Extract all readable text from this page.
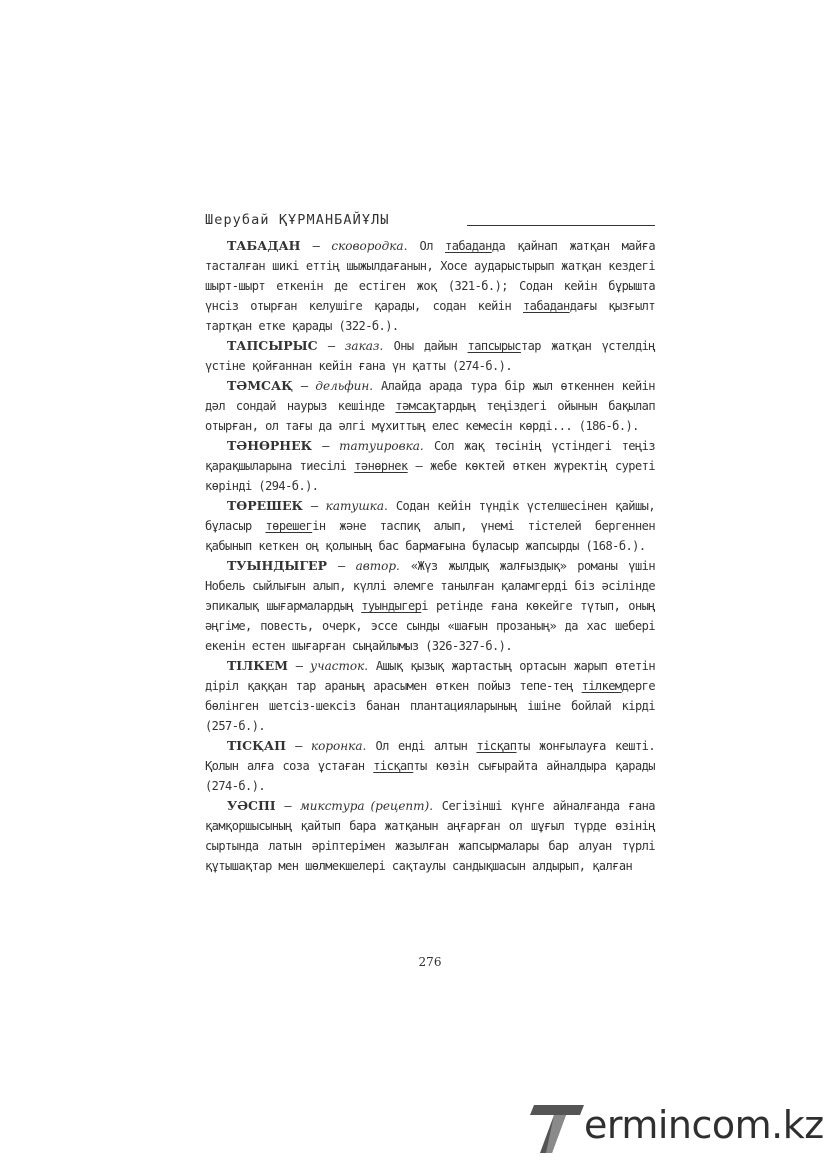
Шерубай ҚҰРМАНБАЙҰЛЫ

ТАБАДАН – сковородка. Ол табаданда қайнап жатқан майға тасталған шикі еттің шыжылдағанын, Хосе аударыстырып жатқан кездегі шырт-шырт еткенін де естіген жоқ (321-б.); Содан кейін бұрышта үнсіз отырған келушіге қарады, содан кейін табадандағы қызғылт тартқан етке қарады (322-б.).

ТАПСЫРЫС – заказ. Оны дайын тапсырыстар жатқан үстелдің үстіне қойғаннан кейін ғана үн қатты (274-б.).

ТӘМСАҚ – дельфин. Алайда арада тура бір жыл өткеннен кейін дәл сондай наурыз кешінде тәмсақтардың теңіздегі ойынын бақылап отырған, ол тағы да әлгі мұхиттың елес кемесін көрді... (186-б.).

ТӘНӨРНЕК – татуировка. Сол жақ төсінің үстіндегі теңіз қарақшыларына тиесілі тәнөрнек – жебе көктей өткен жүректің суреті көрінді (294-б.).

ТӨРЕШЕК – катушка. Содан кейін түндік үстелшесінен қайшы, бұласыр төрешегін және таспиқ алып, үнемі тістелей бергеннен қабынып кеткен оң қолының бас бармағына бұласыр жапсырды (168-б.).

ТУЫНДЫГЕР – автор. «Жүз жылдық жалғыздық» романы үшін Нобель сыйлығын алып, күллі әлемге танылған қаламгерді біз әсілінде эпикалық шығармалардың туындыгері ретінде ғана көкейге түтып, оның әңгіме, повесть, очерк, эссе сынды «шағын прозаның» да хас шебері екенін естен шығарған сыңайлымыз (326-327-б.).

ТІЛКЕМ – участок. Ашық қызық жартастың ортасын жарып өтетін діріл қаққан тар араның арасымен өткен пойыз тепе-тең тілкемдерге бөлінген шетсіз-шексіз банан плантацияларының ішіне бойлай кірді (257-б.).

ТІСҚАП – коронка. Ол енді алтын тісқапты жонғылауға кешті. Қолын алға соза ұстаған тісқапты көзін сығырайта айналдыра қарады (274-б.).

УӘСПІ – микстура (рецепт). Сегізінші күнге айналғанда ғана қамқоршысының қайтып бара жатқанын аңғарған ол шұғыл түрде өзінің сыртында латын әріптерімен жазылған жапсырмалары бар алуан түрлі құтышақтар мен шөлмекшелері сақтаулы сандықшасын алдырып, қалған

276
ermincom.kz
